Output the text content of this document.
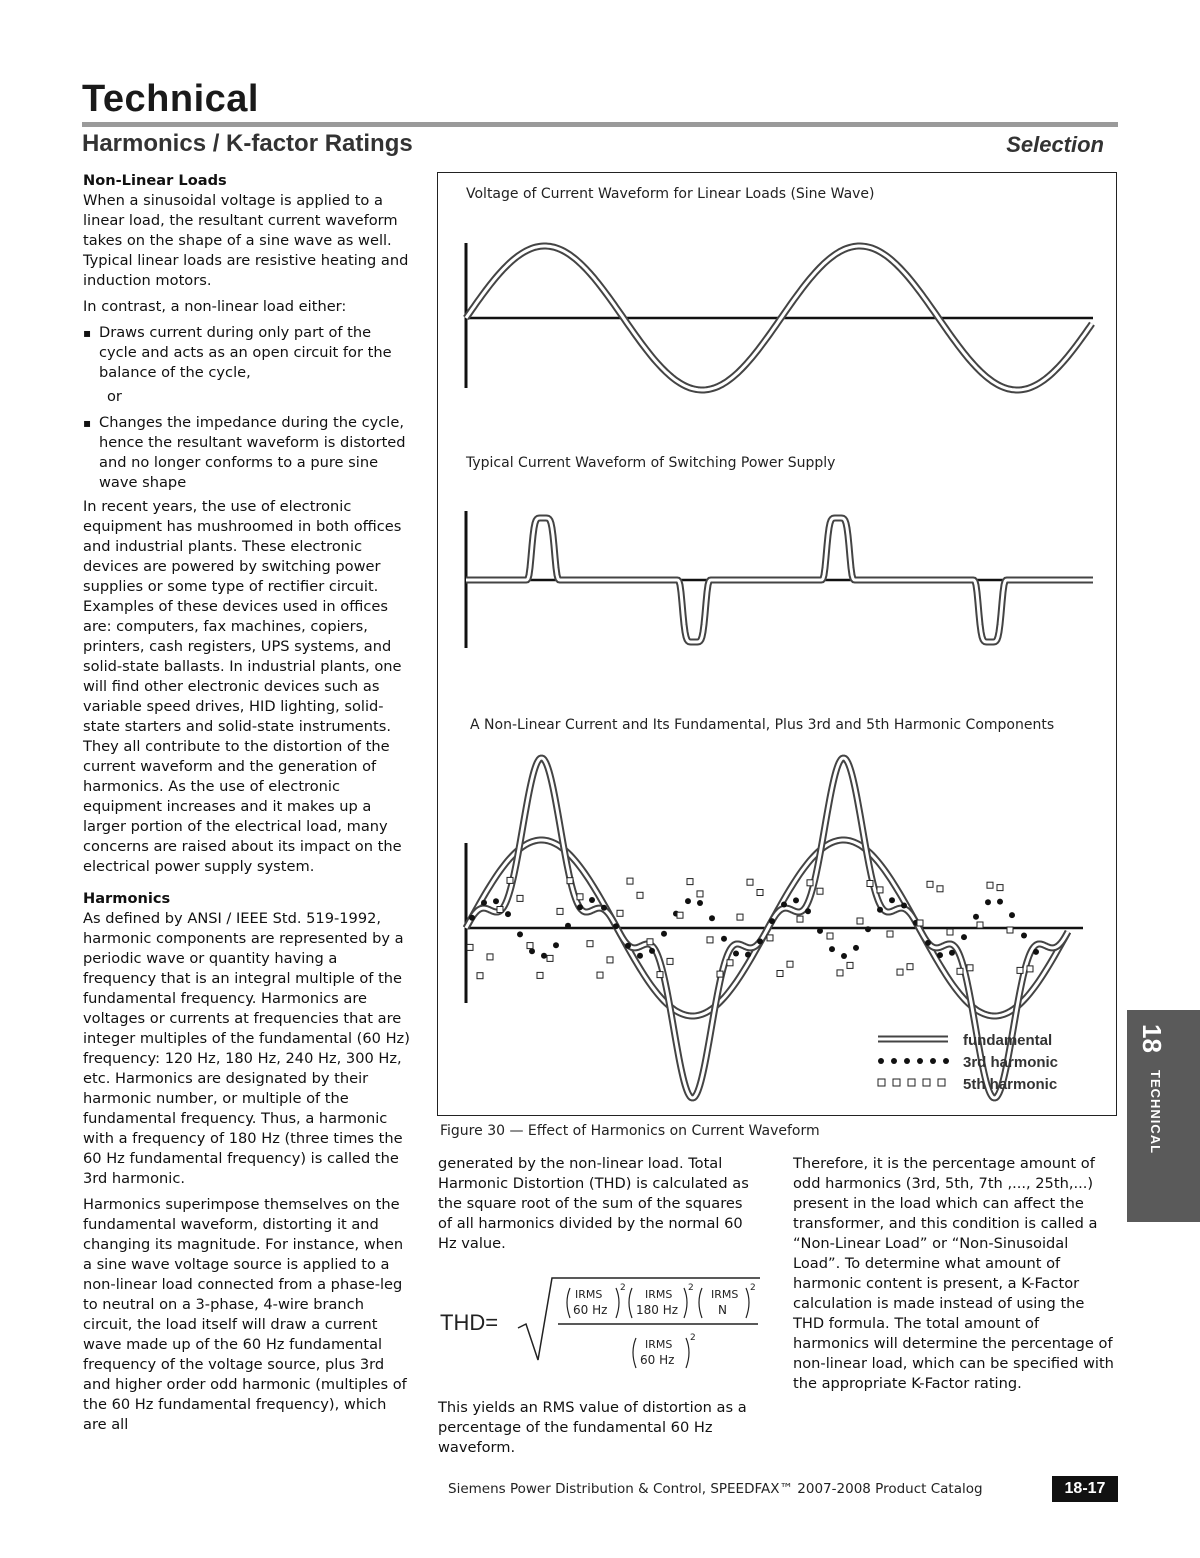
Technical
Harmonics / K-factor Ratings	Selection
Non-Linear Loads

When a sinusoidal voltage is applied to a linear load, the resultant current waveform takes on the shape of a sine wave as well. Typical linear loads are resistive heating and induction motors.

In contrast, a non-linear load either:

▪ Draws current during only part of the cycle and acts as an open circuit for the balance of the cycle,
or
▪ Changes the impedance during the cycle, hence the resultant waveform is distorted and no longer conforms to a pure sine wave shape

In recent years, the use of electronic equipment has mushroomed in both offices and industrial plants. These electronic devices are powered by switching power supplies or some type of rectifier circuit. Examples of these devices used in offices are: computers, fax machines, copiers, printers, cash registers, UPS systems, and solid-state ballasts. In industrial plants, one will find other electronic devices such as variable speed drives, HID lighting, solid-state starters and solid-state instruments. They all contribute to the distortion of the current waveform and the generation of harmonics. As the use of electronic equipment increases and it makes up a larger portion of the electrical load, many concerns are raised about its impact on the electrical power supply system.

Harmonics

As defined by ANSI / IEEE Std. 519-1992, harmonic components are represented by a periodic wave or quantity having a frequency that is an integral multiple of the fundamental frequency. Harmonics are voltages or currents at frequencies that are integer multiples of the fundamental (60 Hz) frequency: 120 Hz, 180 Hz, 240 Hz, 300 Hz, etc. Harmonics are designated by their harmonic number, or multiple of the fundamental frequency. Thus, a harmonic with a frequency of 180 Hz (three times the 60 Hz fundamental frequency) is called the 3rd harmonic.

Harmonics superimpose themselves on the fundamental waveform, distorting it and changing its magnitude. For instance, when a sine wave voltage source is applied to a non-linear load connected from a phase-leg to neutral on a 3-phase, 4-wire branch circuit, the load itself will draw a current wave made up of the 60 Hz fundamental frequency of the voltage source, plus 3rd and higher order odd harmonic (multiples of the 60 Hz fundamental frequency), which are all

Voltage of Current Waveform for Linear Loads (Sine Wave)
Typical Current Waveform of Switching Power Supply
A Non-Linear Current and Its Fundamental, Plus 3rd and 5th Harmonic Components
fundamental
3rd harmonic
5th harmonic
Figure 30 — Effect of Harmonics on Current Waveform

generated by the non-linear load. Total Harmonic Distortion (THD) is calculated as the square root of the sum of the squares of all harmonics divided by the normal 60 Hz value.

THD=
IRMS
60 Hz
IRMS
180 Hz
IRMS
N
IRMS
60 Hz
2	2	2
2

This yields an RMS value of distortion as a percentage of the fundamental 60 Hz waveform.

Therefore, it is the percentage amount of odd harmonics (3rd, 5th, 7th ,..., 25th,...) present in the load which can affect the transformer, and this condition is called a “Non-Linear Load” or “Non-Sinusoidal Load”. To determine what amount of harmonic content is present, a K-Factor calculation is made instead of using the THD formula. The total amount of harmonics will determine the percentage of non-linear load, which can be specified with the appropriate K-Factor rating.

18
TECHNICAL
Siemens Power Distribution & Control, SPEEDFAX™ 2007-2008 Product Catalog	18-17
